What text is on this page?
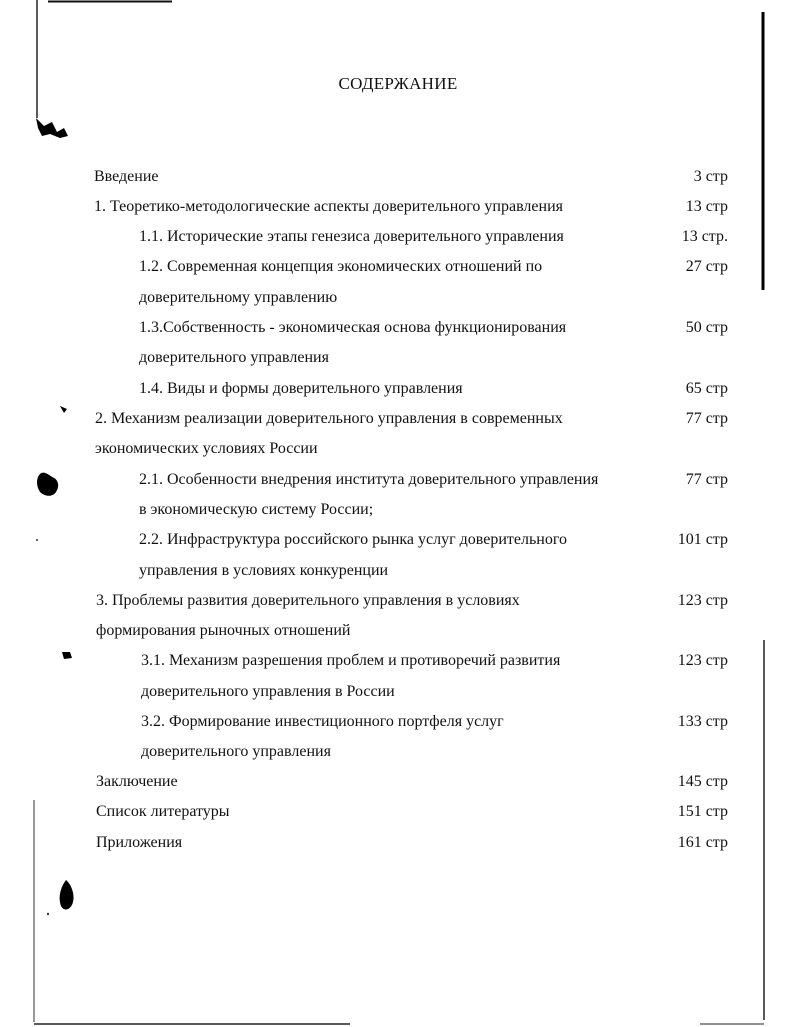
СОДЕРЖАНИЕ
Введение	3 стр
1. Теоретико-методологические аспекты доверительного управления	13 стр
1.1. Исторические этапы генезиса доверительного управления	13 стр.
1.2. Современная концепция экономических отношений по	27 стр
доверительному управлению
1.3.Собственность - экономическая основа функционирования	50 стр
доверительного управления
1.4. Виды и формы доверительного управления	65 стр
2. Механизм реализации доверительного управления в современных	77 стр
экономических условиях России
2.1. Особенности внедрения института доверительного управления	77 стр
в экономическую систему России;
2.2. Инфраструктура российского рынка услуг доверительного	101 стр
управления в условиях конкуренции
3. Проблемы развития доверительного управления в условиях	123 стр
формирования рыночных отношений
3.1. Механизм разрешения проблем и противоречий развития	123 стр
доверительного управления в России
3.2. Формирование инвестиционного портфеля услуг	133 стр
доверительного управления
Заключение	145 стр
Список литературы	151 стр
Приложения	161 стр
